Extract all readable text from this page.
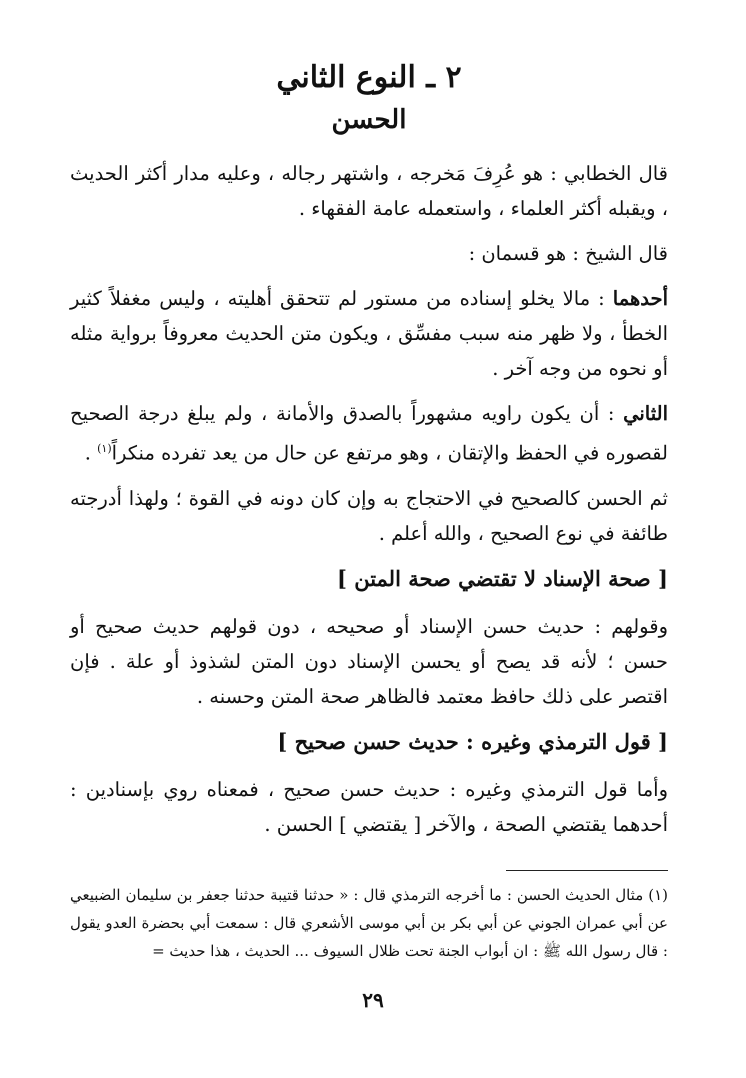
٢ ـ النوع الثاني
الحسن

قال الخطابي : هو عُرِفَ مَخرجه ، واشتهر رجاله ، وعليه مدار أكثر الحديث ، ويقبله أكثر العلماء ، واستعمله عامة الفقهاء .

قال الشيخ : هو قسمان :

أحدهما : مالا يخلو إسناده من مستور لم تتحقق أهليته ، وليس مغفلاً كثير الخطأ ، ولا ظهر منه سبب مفسِّق ، ويكون متن الحديث معروفاً برواية مثله أو نحوه من وجه آخر .

الثاني : أن يكون راويه مشهوراً بالصدق والأمانة ، ولم يبلغ درجة الصحيح لقصوره في الحفظ والإتقان ، وهو مرتفع عن حال من يعد تفرده منكراً$^{(١)}$ .

ثم الحسن كالصحيح في الاحتجاج به وإن كان دونه في القوة ؛ ولهذا أدرجته طائفة في نوع الصحيح ، والله أعلم .

[ صحة الإسناد لا تقتضي صحة المتن ]

وقولهم : حديث حسن الإسناد أو صحيحه ، دون قولهم حديث صحيح أو حسن ؛ لأنه قد يصح أو يحسن الإسناد دون المتن لشذوذ أو علة . فإن اقتصر على ذلك حافظ معتمد فالظاهر صحة المتن وحسنه .

[ قول الترمذي وغيره : حديث حسن صحيح ]

وأما قول الترمذي وغيره : حديث حسن صحيح ، فمعناه روي بإسنادين : أحدهما يقتضي الصحة ، والآخر [ يقتضي ] الحسن .

(١) مثال الحديث الحسن : ما أخرجه الترمذي قال : « حدثنا قتيبة حدثنا جعفر بن سليمان الضبيعي عن أبي عمران الجوني عن أبي بكر بن أبي موسى الأشعري قال : سمعت أبي بحضرة العدو يقول : قال رسول الله ﷺ : ان أبواب الجنة تحت ظلال السيوف ... الحديث ، هذا حديث =

٢٩
